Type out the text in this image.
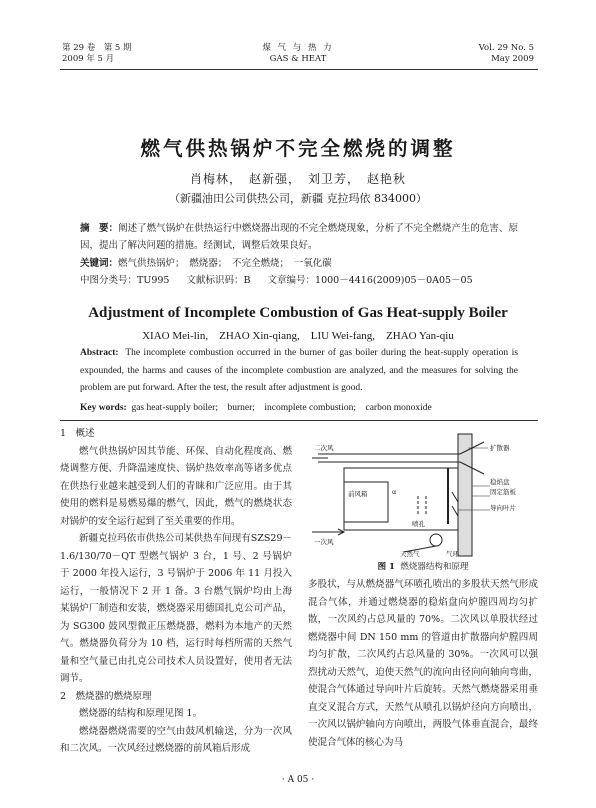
第 29 卷　第 5 期
2009 年 5 月
煤 气 与 热 力
GAS & HEAT
Vol. 29 No. 5
May 2009
燃气供热锅炉不完全燃烧的调整
肖梅林，　赵新强，　刘卫芳，　赵艳秋
（新疆油田公司供热公司，新疆 克拉玛依 834000）
摘　要：阐述了燃气锅炉在供热运行中燃烧器出现的不完全燃烧现象，分析了不完全燃烧产生的危害、原因，提出了解决问题的措施。经测试，调整后效果良好。
关键词：燃气供热锅炉；　燃烧器；　不完全燃烧；　一氧化碳
中图分类号：TU995 文献标识码：B 文章编号：1000－4416(2009)05－0A05－05
Adjustment of Incomplete Combustion of Gas Heat-supply Boiler
XIAO Mei-lin,　ZHAO Xin-qiang,　LIU Wei-fang,　ZHAO Yan-qiu
Abstract: The incomplete combustion occurred in the burner of gas boiler during the heat-supply operation is expounded, the harms and causes of the incomplete combustion are analyzed, and the measures for solving the problem are put forward. After the test, the result after adjustment is good.
Key words: gas heat-supply boiler;　burner;　incomplete combustion;　carbon monoxide

1　概述

燃气供热锅炉因其节能、环保、自动化程度高、燃烧调整方便、升降温速度快、锅炉热效率高等诸多优点在供热行业越来越受到人们的青睐和广泛应用。由于其使用的燃料是易燃易爆的燃气，因此，燃气的燃烧状态对锅炉的安全运行起到了至关重要的作用。

新疆克拉玛依市供热公司某供热车间现有SZS29－1.6/130/70－QT 型燃气锅炉 3 台，1 号、2 号锅炉于 2000 年投入运行，3 号锅炉于 2006 年 11 月投入运行，一般情况下 2 开 1 备。3 台燃气锅炉均由上海某锅炉厂制造和安装，燃烧器采用德国扎克公司产品，为 SG300 鼓风型微正压燃烧器，燃料为本地产的天然气。燃烧器负荷分为 10 档，运行时每档所需的天然气量和空气量已由扎克公司技术人员设置好，使用者无法调节。

2　燃烧器的燃烧原理

燃烧器的结构和原理见图 1。

燃烧器燃烧需要的空气由鼓风机输送，分为一次风和二次风。一次风经过燃烧器的前风箱后形成

二次风	扩散器
前风箱	α
稳焰盘
固定筋板
喷孔
导向叶片
一次风
天然气	气环
图 1 燃烧器结构和原理

多股状，与从燃烧器气环喷孔喷出的多股状天然气形成混合气体，并通过燃烧器的稳焰盘向炉膛四周均匀扩散，一次风约占总风量的 70%。二次风以单股状经过燃烧器中间 DN 150 mm 的管道由扩散器向炉膛四周均匀扩散，二次风约占总风量的 30%。一次风可以强烈扰动天然气，迫使天然气的流向由径向向轴向弯曲，使混合气体通过导向叶片后旋转。天然气燃烧器采用垂直交叉混合方式，天然气从喷孔以锅炉径向方向喷出，一次风以锅炉轴向方向喷出，两股气体垂直混合，最终使混合气体的核心为马

· A 05 ·
